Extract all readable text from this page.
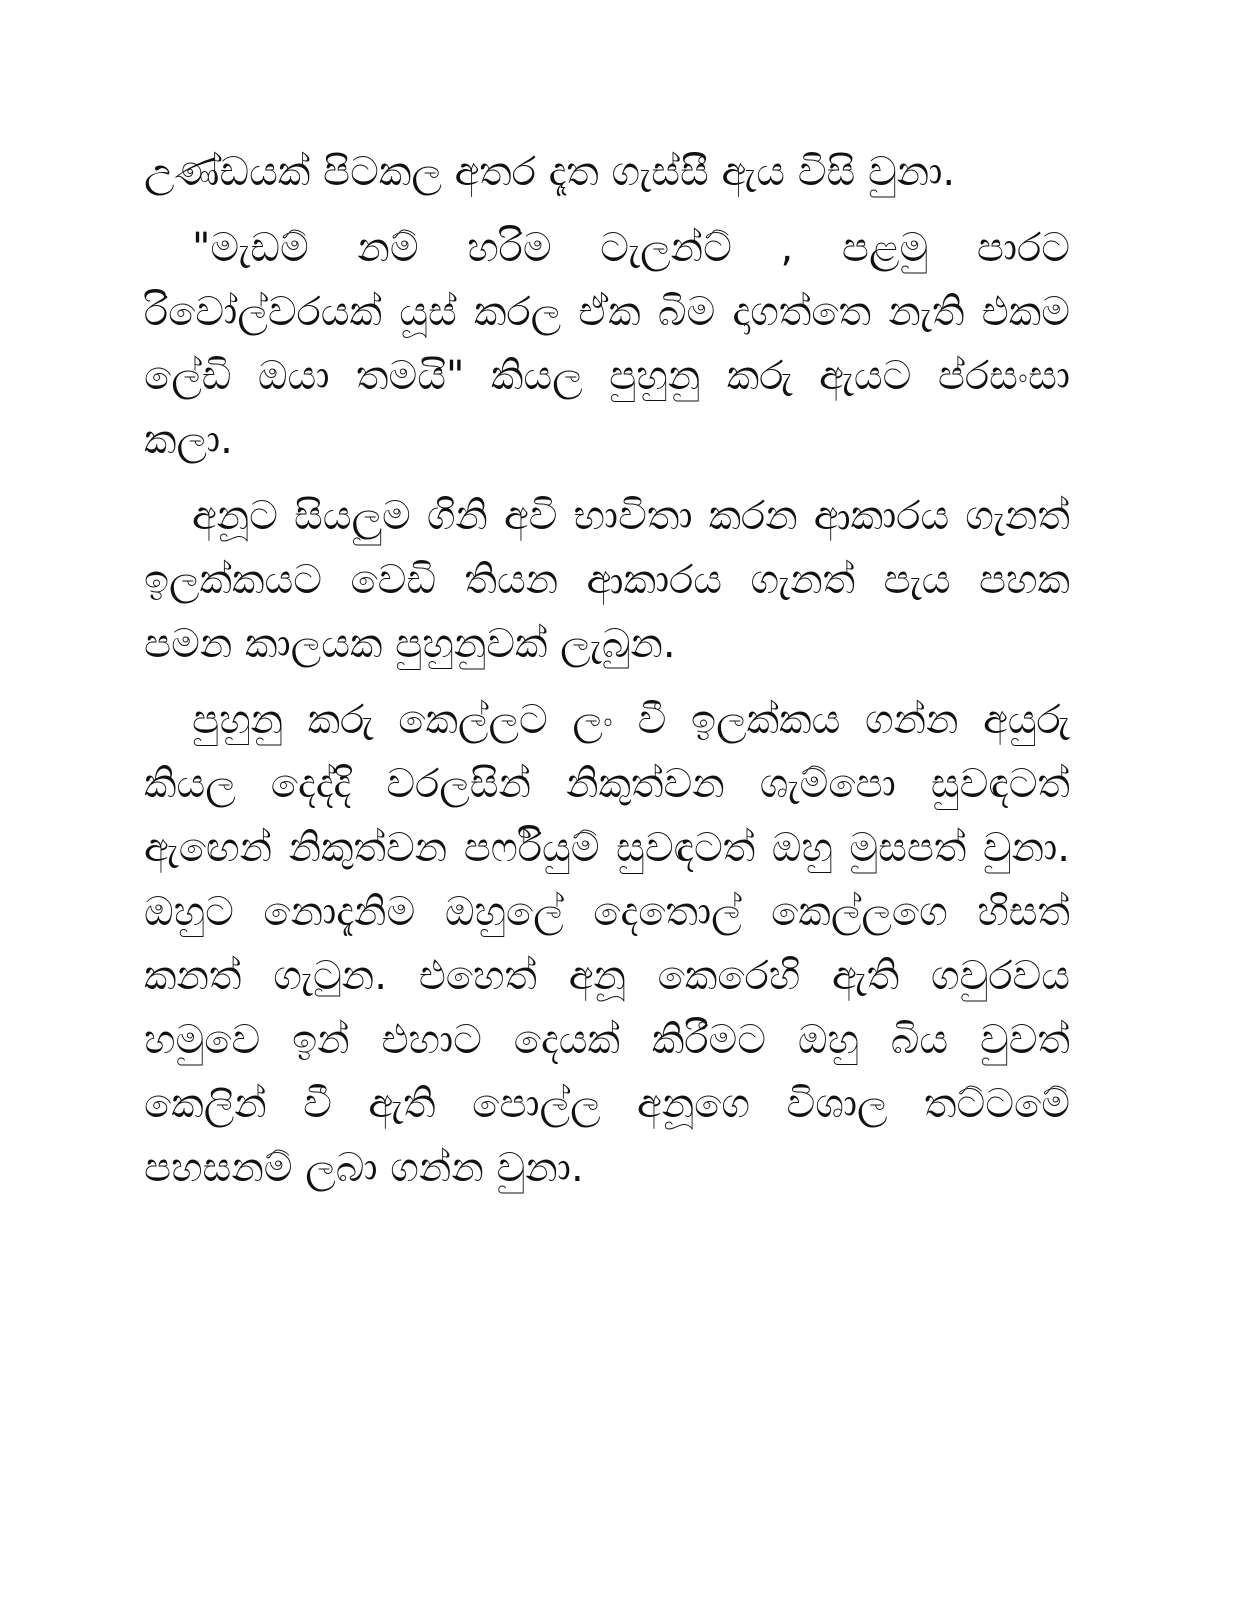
උණ්ඩයක් පිටකල අතර දෑත ගැස්සී ඇය විසි වුනා.

"මැඩම් නම් හරිම ටැලන්ට් , පළමු පාරට රිවෝල්වරයක් යූස් කරල ඒක බිම දාගත්තෙ නැති එකම ලේඩි ඔයා තමයි" කියල පුහුනු කරු ඇයට ප්රසංසා කලා.

අනූට සියලුම ගිනි අවි භාවිතා කරන ආකාරය ගැනත් ඉලක්කයට වෙඩි තියන ආකාරය ගැනත් පැය පහක පමන කාලයක පුහුනුවක් ලැබුන.

පුහුනු කරු කෙල්ලට ලං වී ඉලක්කය ගන්න අයුරු කියල දෙද්දි වරලසින් නිකුත්වන ශැම්පො සුවඳටත් ඇඟෙන් නිකුත්වන පර්ෆියුම් සුවඳටත් ඔහු මුසපත් වුනා. ඔහුට නොදැනිම ඔහුලේ දෙතොල් කෙල්ලගෙ හිසත් කනත් ගැටුන. එහෙත් අනූ කෙරෙහි ඇති ගවුරවය හමුවෙ ඉන් එහාට දෙයක් කිරීමට ඔහු බිය වුවත් කෙලින් වී ඇති පොල්ල අනූගෙ විශාල තට්ටමේ පහසනම් ලබා ගන්න වුනා.
